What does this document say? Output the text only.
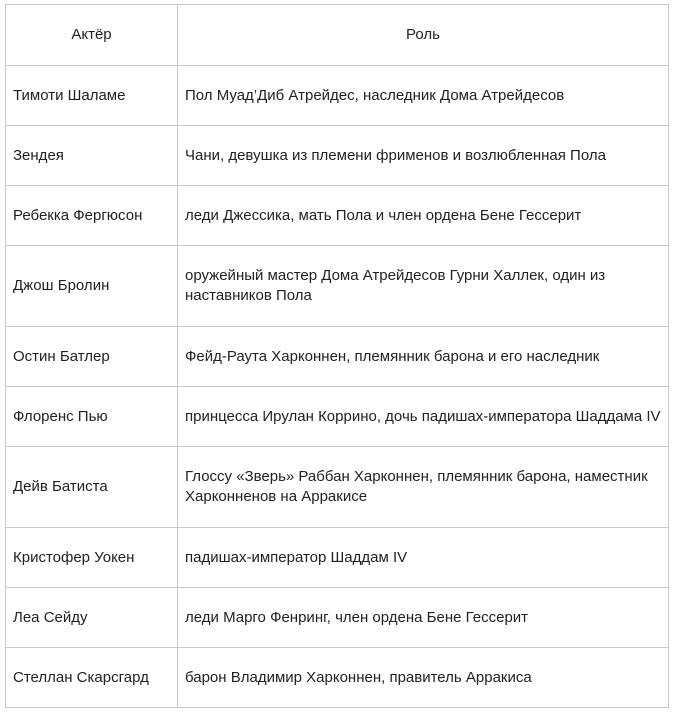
Актёр	Роль
Тимоти Шаламе	Пол Муад’Диб Атрейдес, наследник Дома Атрейдесов
Зендея	Чани, девушка из племени фрименов и возлюбленная Пола
Ребекка Фергюсон	леди Джессика, мать Пола и член ордена Бене Гессерит
Джош Бролин	оружейный мастер Дома Атрейдесов Гурни Халлек, один из наставников Пола
Остин Батлер	Фейд-Раута Харконнен, племянник барона и его наследник
Флоренс Пью	принцесса Ирулан Коррино, дочь падишах-императора Шаддама IV
Дейв Батиста	Глоссу «Зверь» Раббан Харконнен, племянник барона, наместник Харконненов на Арракисе
Кристофер Уокен	падишах-император Шаддам IV
Леа Сейду	леди Марго Фенринг, член ордена Бене Гессерит
Стеллан Скарсгард	барон Владимир Харконнен, правитель Арракиса
